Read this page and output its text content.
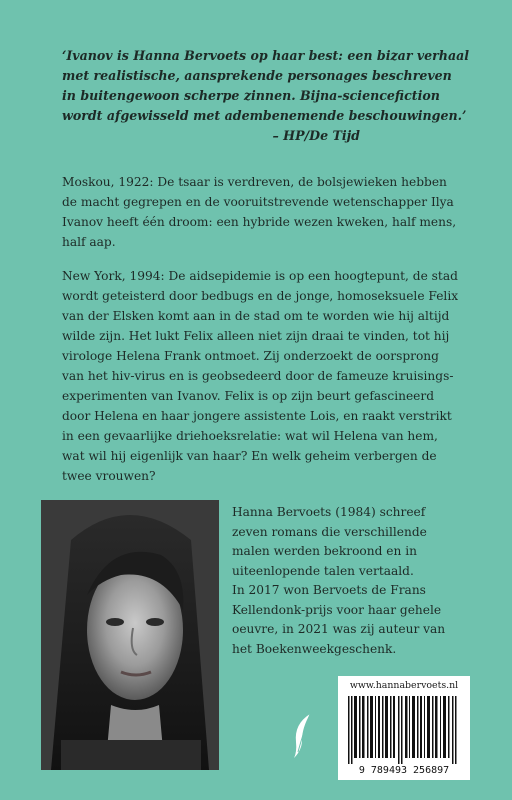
‘Ivanov is Hanna Bervoets op haar best: een bizar verhaal
met realistische, aansprekende personages beschreven
in buitengewoon scherpe zinnen. Bijna-sciencefiction
wordt afgewisseld met adembenemende beschouwingen.’
– HP/De Tijd
Moskou, 1922: De tsaar is verdreven, de bolsjewieken hebben
de macht gegrepen en de vooruitstrevende wetenschapper Ilya
Ivanov heeft één droom: een hybride wezen kweken, half mens,
half aap.
New York, 1994: De aidsepidemie is op een hoogtepunt, de stad
wordt geteisterd door bedbugs en de jonge, homoseksuele Felix
van der Elsken komt aan in de stad om te worden wie hij altijd
wilde zijn. Het lukt Felix alleen niet zijn draai te vinden, tot hij
virologe Helena Frank ontmoet. Zij onderzoekt de oorsprong
van het hiv-virus en is geobsedeerd door de fameuze kruisings-
experimenten van Ivanov. Felix is op zijn beurt gefascineerd
door Helena en haar jongere assistente Lois, en raakt verstrikt
in een gevaarlijke driehoeksrelatie: wat wil Helena van hem,
wat wil hij eigenlijk van haar? En welk geheim verbergen de
twee vrouwen?
Hanna Bervoets (1984) schreef
zeven romans die verschillende
malen werden bekroond en in
uiteenlopende talen vertaald.
In 2017 won Bervoets de Frans
Kellendonk-prijs voor haar gehele
oeuvre, in 2021 was zij auteur van
het Boekenweekgeschenk.
www.hannabervoets.nl
9 789493 256897
